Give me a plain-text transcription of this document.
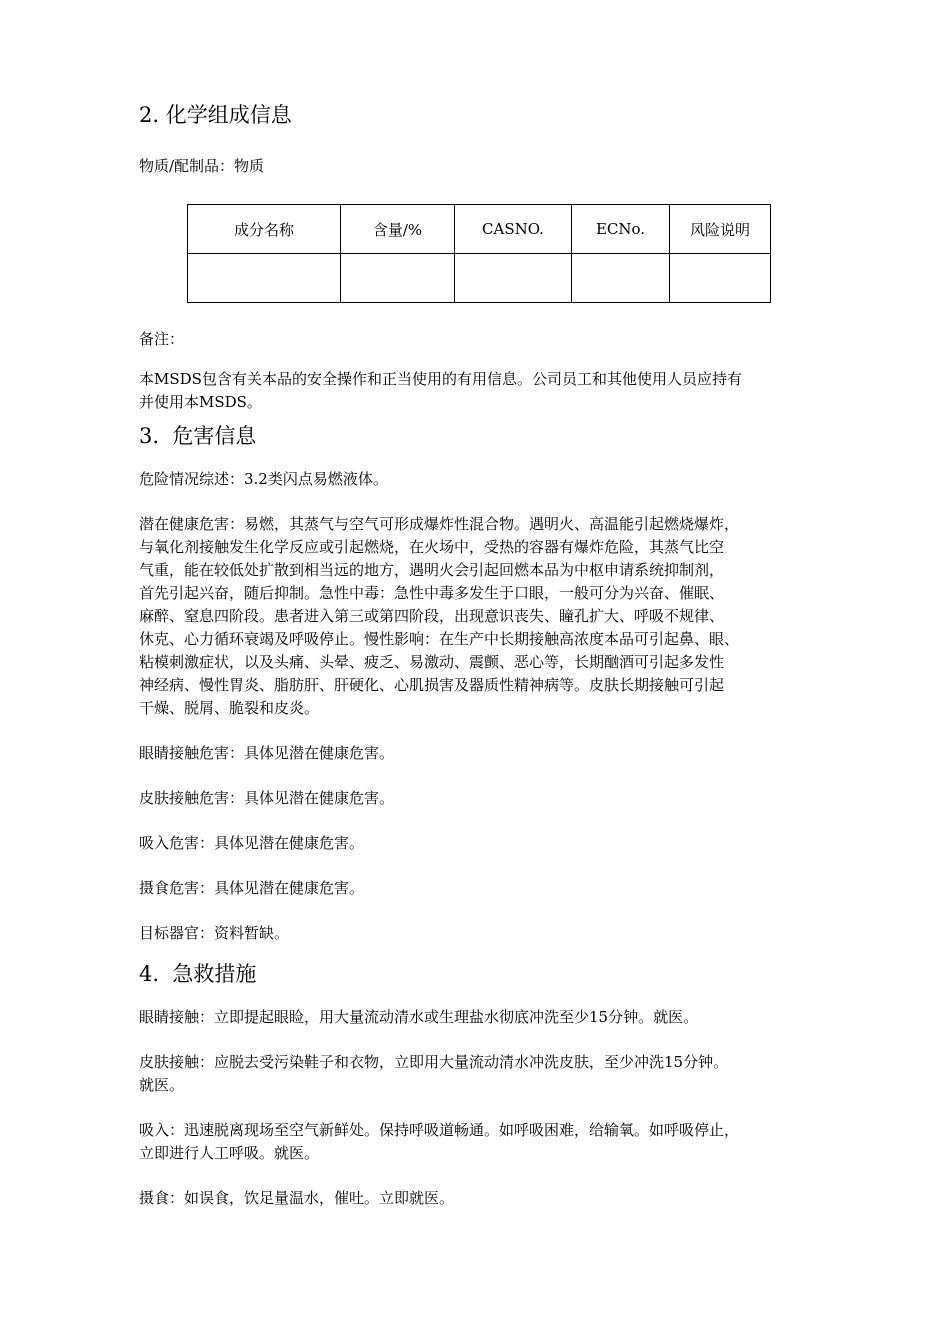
2. 化学组成信息

物质/配制品：物质

成分名称	含量/%	CASNO.	ECNo.	风险说明

备注：

本MSDS包含有关本品的安全操作和正当使用的有用信息。公司员工和其他使用人员应持有
并使用本MSDS。

3.  危害信息

危险情况综述：3.2类闪点易燃液体。

潜在健康危害：易燃，其蒸气与空气可形成爆炸性混合物。遇明火、高温能引起燃烧爆炸，
与氧化剂接触发生化学反应或引起燃烧，在火场中，受热的容器有爆炸危险，其蒸气比空
气重，能在较低处扩散到相当远的地方，遇明火会引起回燃本品为中枢申请系统抑制剂，
首先引起兴奋，随后抑制。急性中毒：急性中毒多发生于口眼，一般可分为兴奋、催眠、
麻醉、窒息四阶段。患者进入第三或第四阶段，出现意识丧失、瞳孔扩大、呼吸不规律、
休克、心力循环衰竭及呼吸停止。慢性影响：在生产中长期接触高浓度本品可引起鼻、眼、
粘模刺激症状，以及头痛、头晕、疲乏、易激动、震颤、恶心等，长期酗酒可引起多发性
神经病、慢性胃炎、脂肪肝、肝硬化、心肌损害及器质性精神病等。皮肤长期接触可引起
干燥、脱屑、脆裂和皮炎。

眼睛接触危害：具体见潜在健康危害。

皮肤接触危害：具体见潜在健康危害。

吸入危害：具体见潜在健康危害。

摄食危害：具体见潜在健康危害。

目标器官：资料暂缺。

4.  急救措施

眼睛接触：立即提起眼睑，用大量流动清水或生理盐水彻底冲洗至少15分钟。就医。

皮肤接触：应脱去受污染鞋子和衣物，立即用大量流动清水冲洗皮肤，至少冲洗15分钟。
就医。

吸入：迅速脱离现场至空气新鲜处。保持呼吸道畅通。如呼吸困难，给输氧。如呼吸停止，
立即进行人工呼吸。就医。

摄食：如误食，饮足量温水，催吐。立即就医。
